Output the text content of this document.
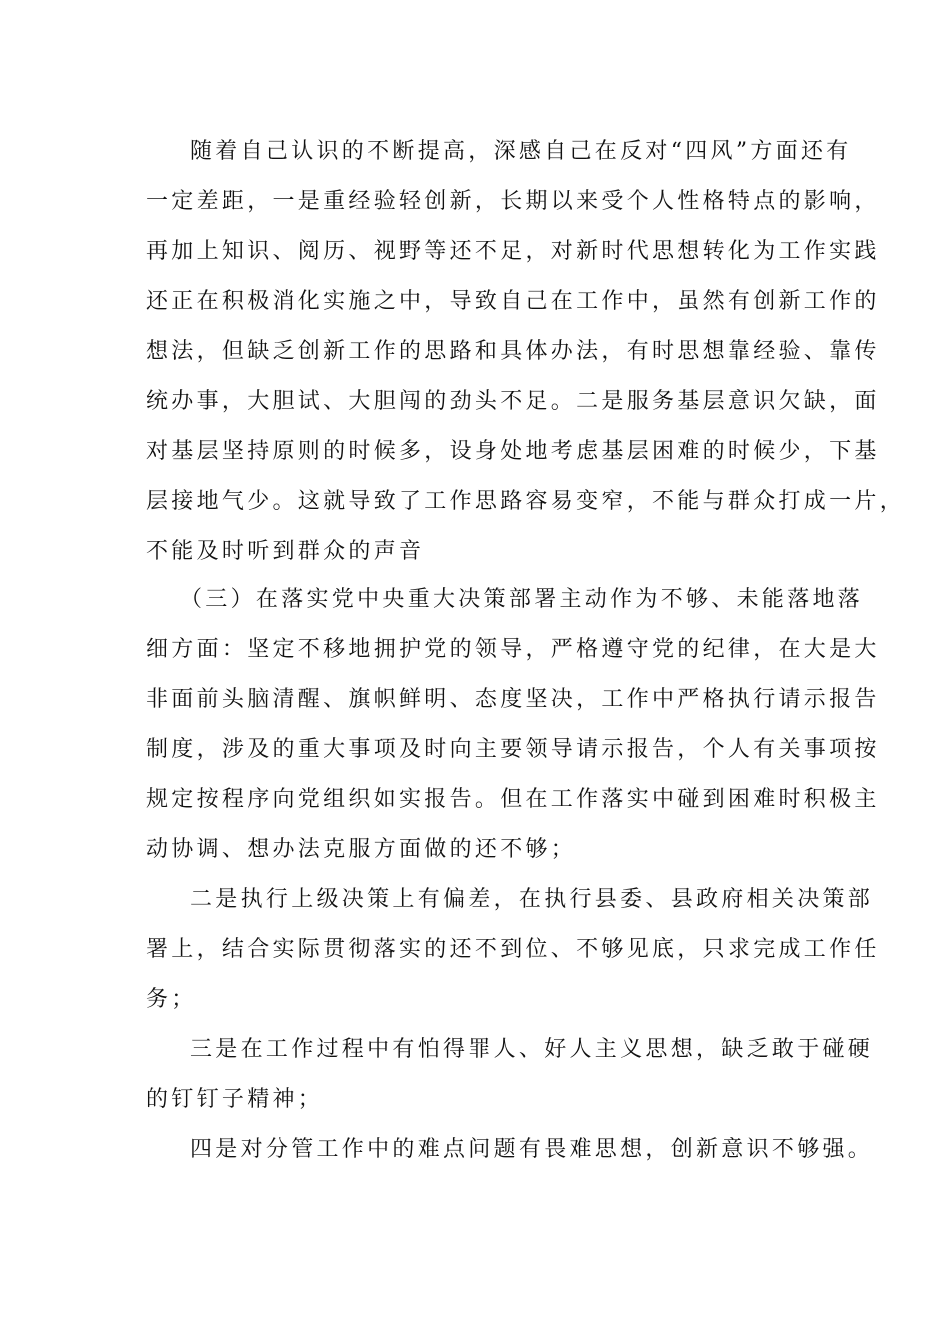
随着自己认识的不断提高，深感自己在反对“四风”方面还有
一定差距，一是重经验轻创新，长期以来受个人性格特点的影响，
再加上知识、阅历、视野等还不足，对新时代思想转化为工作实践
还正在积极消化实施之中，导致自己在工作中，虽然有创新工作的
想法，但缺乏创新工作的思路和具体办法，有时思想靠经验、靠传
统办事，大胆试、大胆闯的劲头不足。二是服务基层意识欠缺，面
对基层坚持原则的时候多，设身处地考虑基层困难的时候少，下基
层接地气少。这就导致了工作思路容易变窄，不能与群众打成一片，
不能及时听到群众的声音
（三）在落实党中央重大决策部署主动作为不够、未能落地落
细方面：坚定不移地拥护党的领导，严格遵守党的纪律，在大是大
非面前头脑清醒、旗帜鲜明、态度坚决，工作中严格执行请示报告
制度，涉及的重大事项及时向主要领导请示报告，个人有关事项按
规定按程序向党组织如实报告。但在工作落实中碰到困难时积极主
动协调、想办法克服方面做的还不够；
二是执行上级决策上有偏差，在执行县委、县政府相关决策部
署上，结合实际贯彻落实的还不到位、不够见底，只求完成工作任
务；
三是在工作过程中有怕得罪人、好人主义思想，缺乏敢于碰硬
的钉钉子精神；
四是对分管工作中的难点问题有畏难思想，创新意识不够强。
